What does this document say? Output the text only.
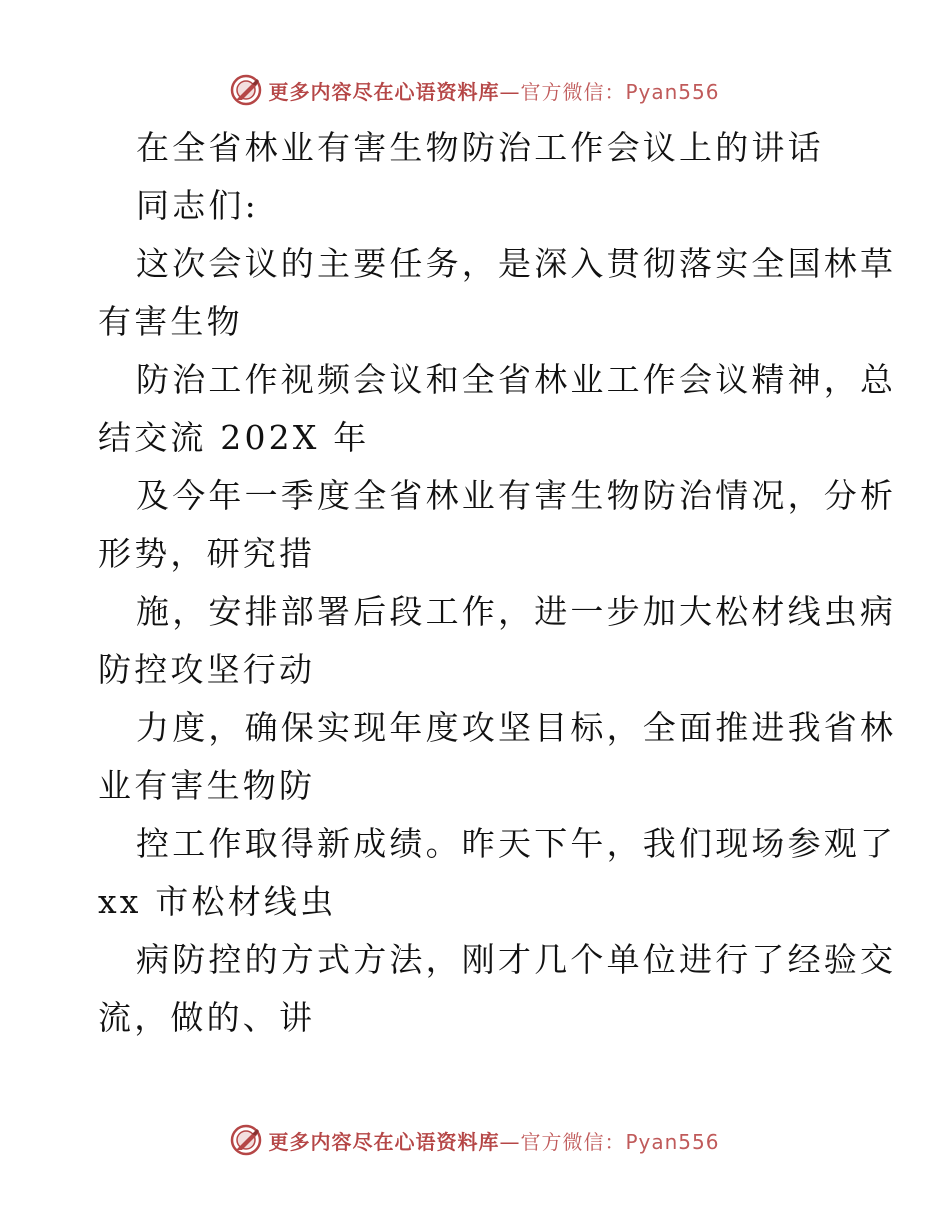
更多内容尽在心语资料库—官方微信：Pyan556
在全省林业有害生物防治工作会议上的讲话
同志们:
这次会议的主要任务，是深入贯彻落实全国林草
有害生物
防治工作视频会议和全省林业工作会议精神，总
结交流 202X 年
及今年一季度全省林业有害生物防治情况，分析
形势，研究措
施，安排部署后段工作，进一步加大松材线虫病
防控攻坚行动
力度，确保实现年度攻坚目标，全面推进我省林
业有害生物防
控工作取得新成绩。昨天下午，我们现场参观了
xx 市松材线虫
病防控的方式方法，刚才几个单位进行了经验交
流，做的、讲
更多内容尽在心语资料库—官方微信：Pyan556
